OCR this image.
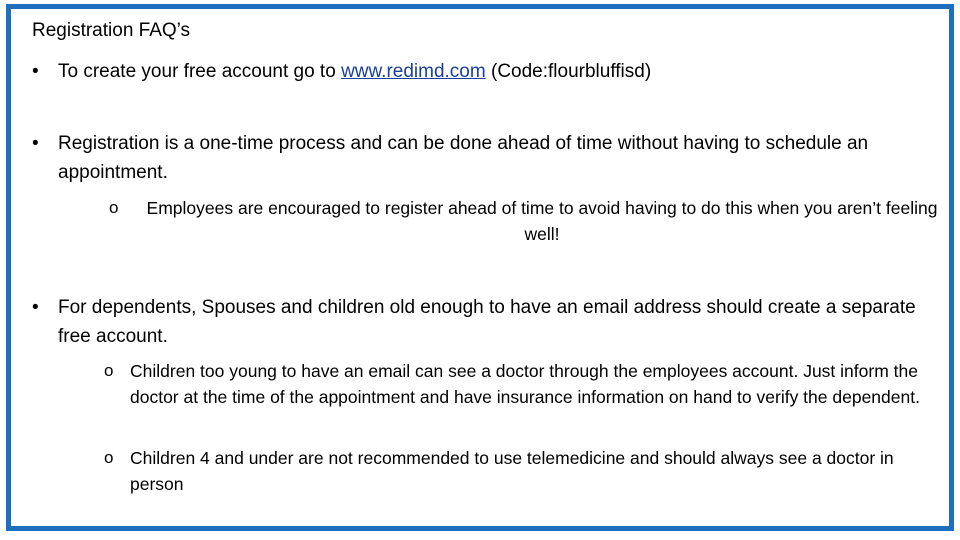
Registration FAQ’s
•	To create your free account go to www.redimd.com (Code:flourbluffisd)
•	Registration is a one-time process and can be done ahead of time without having to schedule an appointment.
o	Employees are encouraged to register ahead of time to avoid having to do this when you aren’t feeling well!
•	For dependents, Spouses and children old enough to have an email address should create a separate free account.
o Children too young to have an email can see a doctor through the employees account. Just inform the doctor at the time of the appointment and have insurance information on hand to verify the dependent.
o Children 4 and under are not recommended to use telemedicine and should always see a doctor in person
